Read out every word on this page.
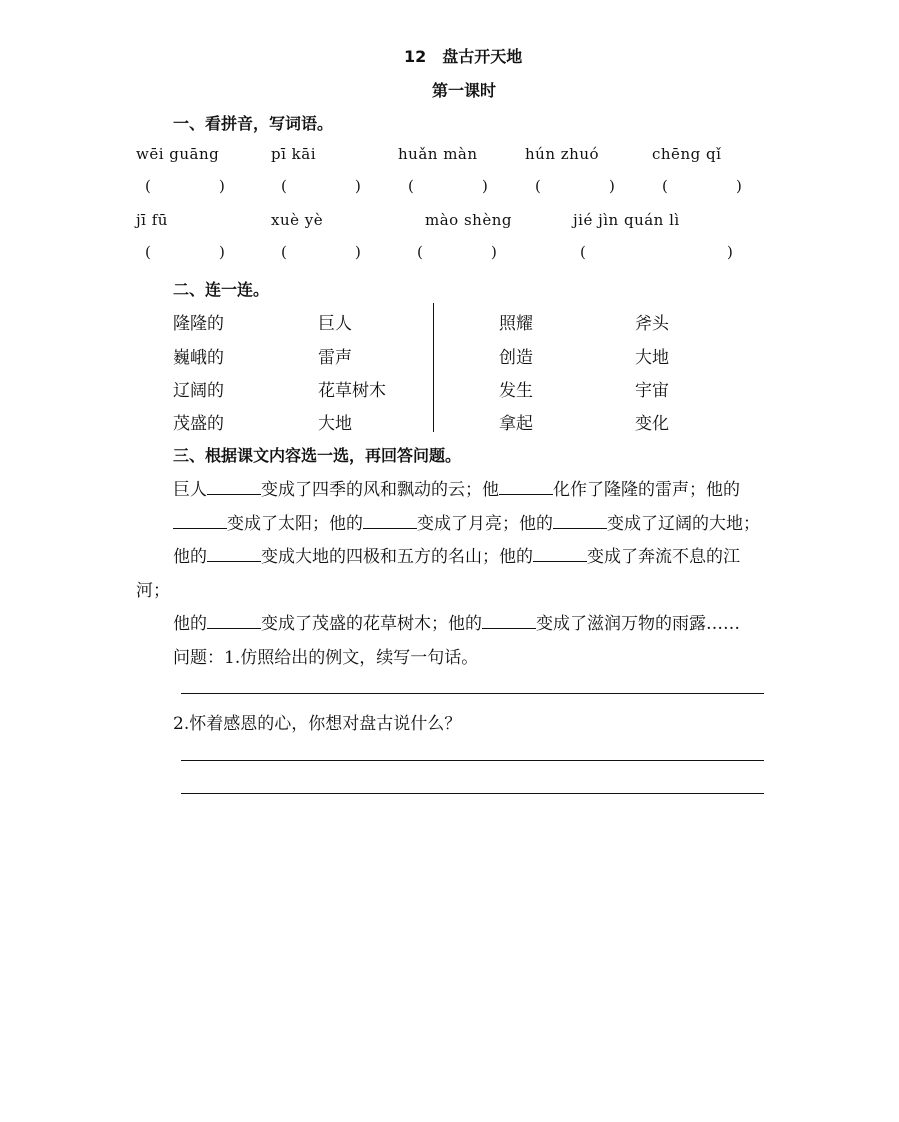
12　盘古开天地
第一课时
一、看拼音，写词语。
wēi guāng	pī kāi	huǎn màn	hún zhuó	chēng qǐ
(	)	(	)	(	)	(	)	(	)
jī fū	xuè yè	mào shèng	jié jìn quán lì
(	)	(	)	(	)	(	)
二、连一连。
隆隆的
巍峨的
辽阔的
茂盛的
巨人
雷声
花草树木
大地
照耀
创造
发生
拿起
斧头
大地
宇宙
变化
三、根据课文内容选一选，再回答问题。
巨人	变成了四季的风和飘动的云；他	化作了隆隆的雷声；他的
变成了太阳；他的	变成了月亮；他的	变成了辽阔的大地；
他的	变成大地的四极和五方的名山；他的	变成了奔流不息的江
河；
他的	变成了茂盛的花草树木；他的	变成了滋润万物的雨露……
问题：1.仿照给出的例文，续写一句话。
2.怀着感恩的心，你想对盘古说什么？
